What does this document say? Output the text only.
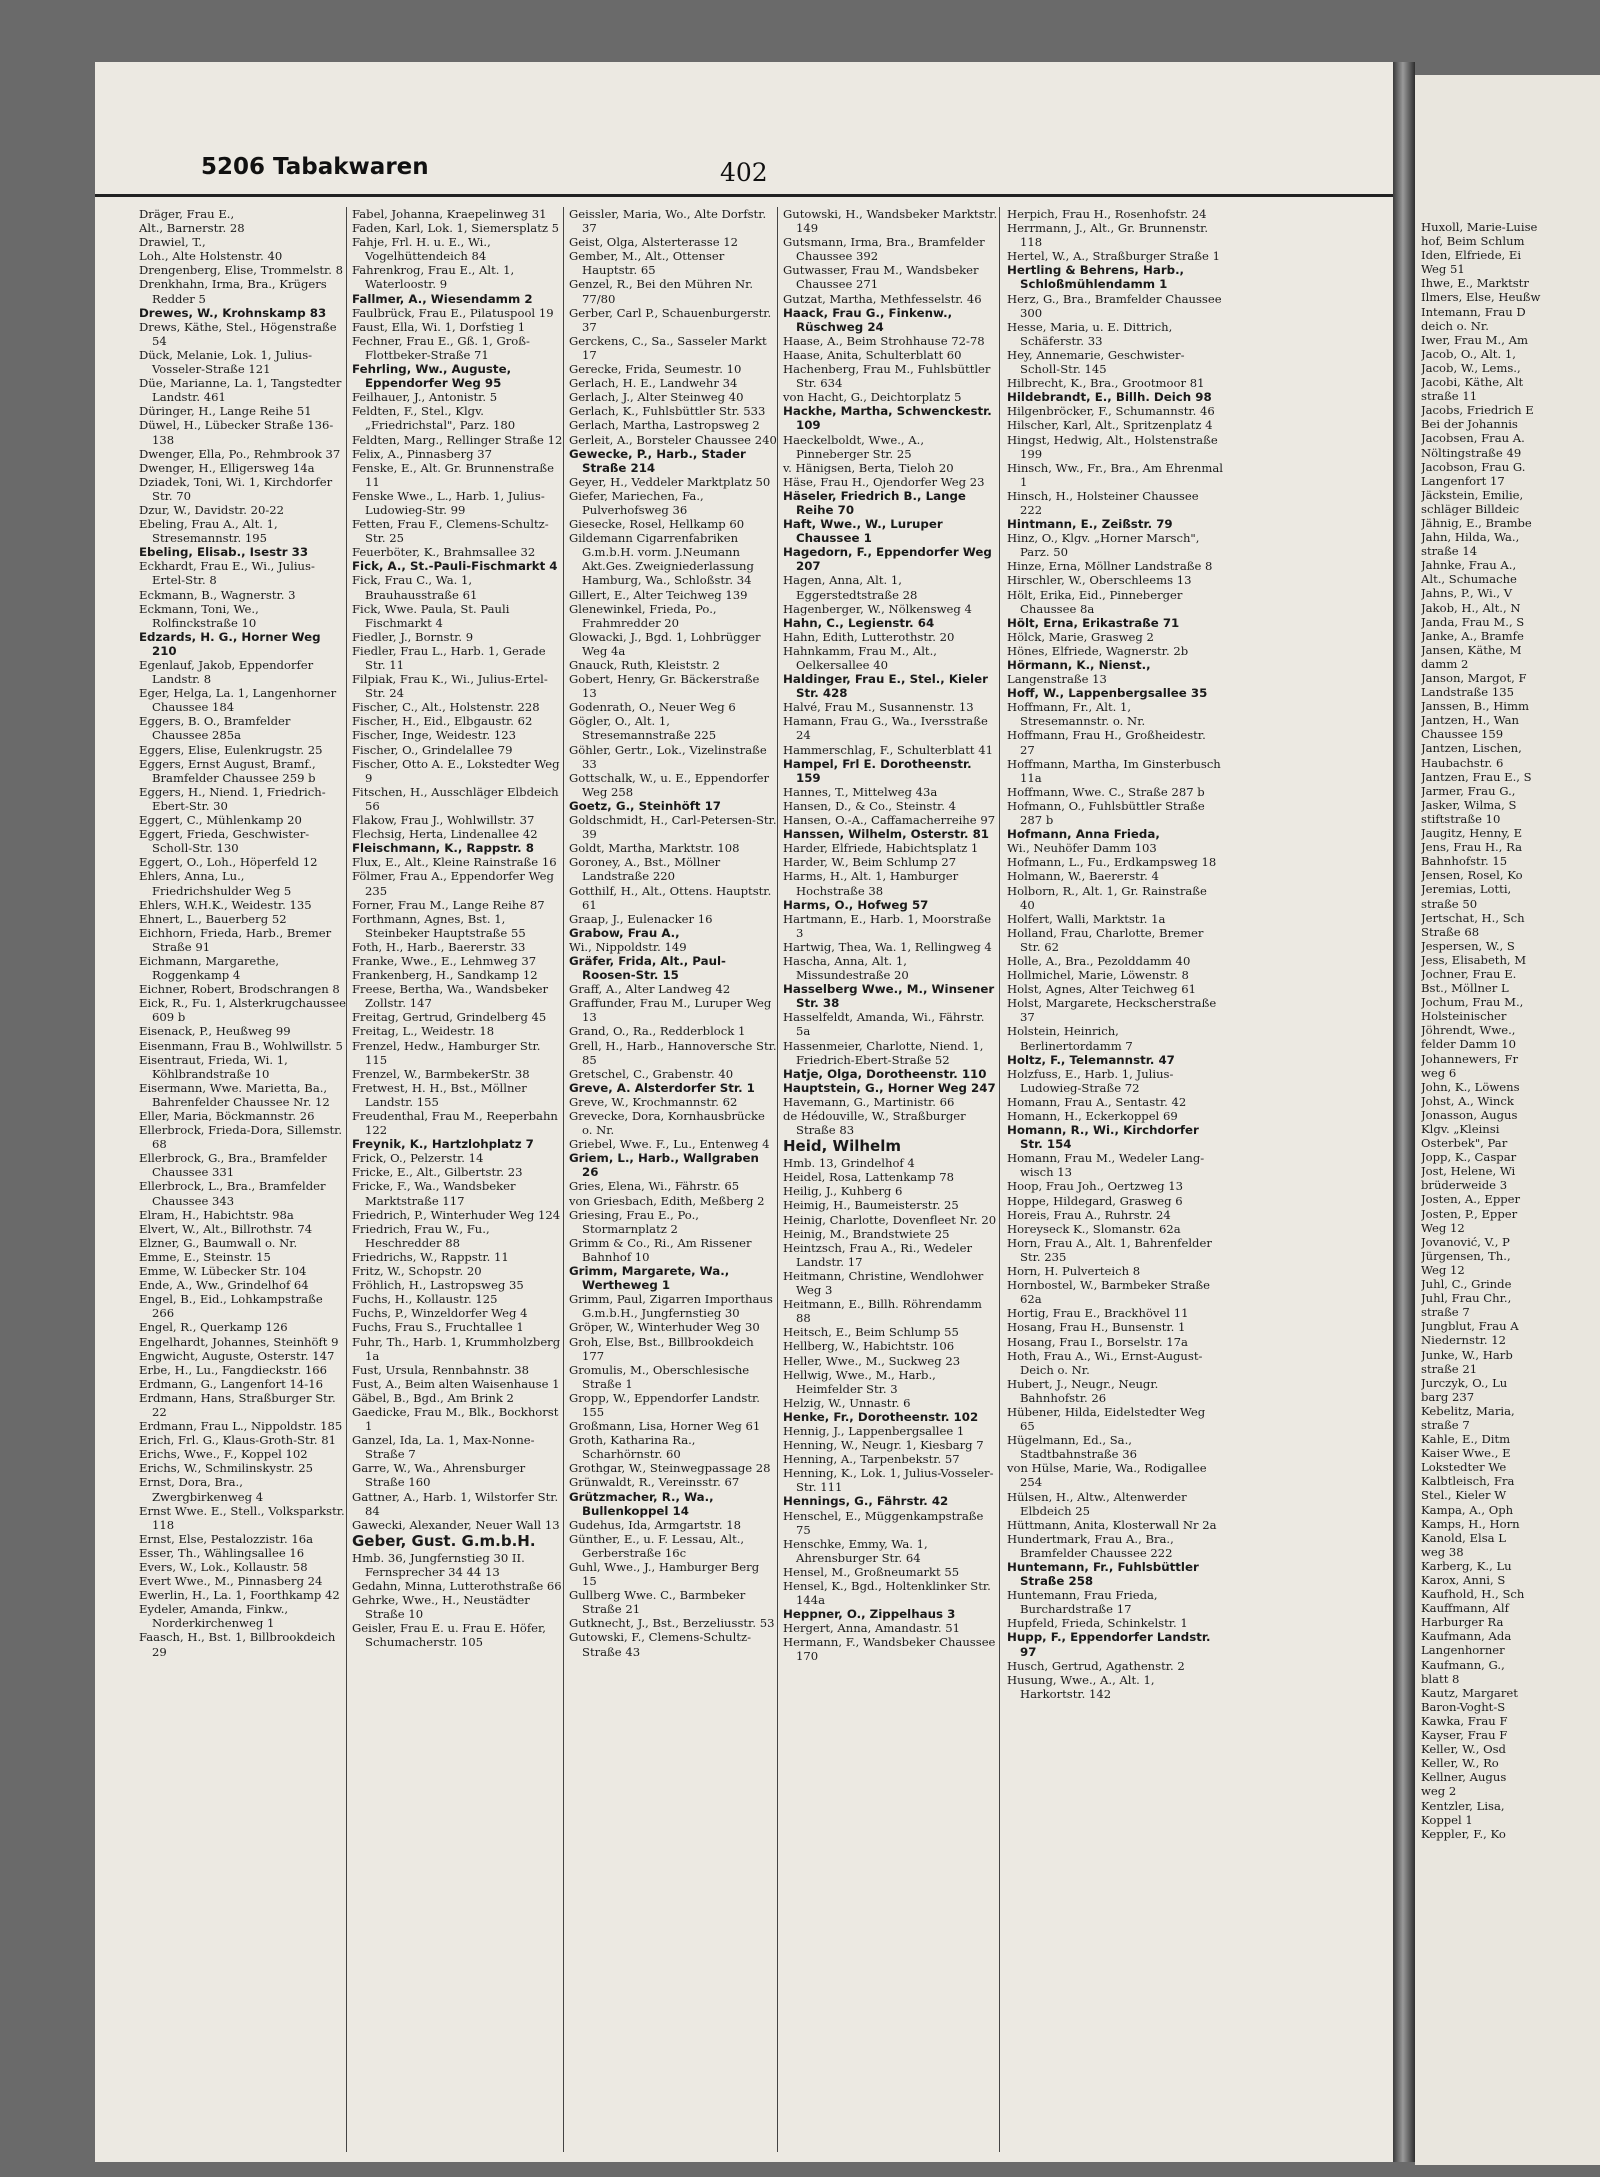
5206 Tabakwaren	402

Dräger, Frau E.,

Alt., Barnerstr. 28

Drawiel, T.,

Loh., Alte Holstenstr. 40

Drengenberg, Elise, Trommelstr. 8

Drenkhahn, Irma, Bra., Krügers Redder 5

Drewes, W., Krohnskamp 83

Drews, Käthe, Stel., Högenstraße 54

Dück, Melanie, Lok. 1, Julius-Vosseler-Straße 121

Düe, Marianne, La. 1, Tangstedter Landstr. 461

Düringer, H., Lange Reihe 51

Düwel, H., Lübecker Straße 136-138

Dwenger, Ella, Po., Rehmbrook 37

Dwenger, H., Elligersweg 14a

Dziadek, Toni, Wi. 1, Kirchdorfer Str. 70

Dzur, W., Davidstr. 20-22

Ebeling, Frau A., Alt. 1, Stresemannstr. 195

Ebeling, Elisab., Isestr 33

Eckhardt, Frau E., Wi., Julius-Ertel-Str. 8

Eckmann, B., Wagnerstr. 3

Eckmann, Toni, We., Rolfinckstraße 10

Edzards, H. G., Horner Weg 210

Egenlauf, Jakob, Eppendorfer Landstr. 8

Eger, Helga, La. 1, Langenhorner Chaussee 184

Eggers, B. O., Bramfelder Chaussee 285a

Eggers, Elise, Eulenkrugstr. 25

Eggers, Ernst August, Bramf., Bramfelder Chaussee 259 b

Eggers, H., Niend. 1, Friedrich-Ebert-Str. 30

Eggert, C., Mühlenkamp 20

Eggert, Frieda, Geschwister-Scholl-Str. 130

Eggert, O., Loh., Höperfeld 12

Ehlers, Anna, Lu., Friedrichshulder Weg 5

Ehlers, W.H.K., Weidestr. 135

Ehnert, L., Bauerberg 52

Eichhorn, Frieda, Harb., Bremer Straße 91

Eichmann, Margarethe, Roggenkamp 4

Eichner, Robert, Brodschrangen 8

Eick, R., Fu. 1, Alsterkrugchaussee 609 b

Eisenack, P., Heußweg 99

Eisenmann, Frau B., Wohlwillstr. 5

Eisentraut, Frieda, Wi. 1, Köhlbrandstraße 10

Eisermann, Wwe. Marietta, Ba., Bahrenfelder Chaussee Nr. 12

Eller, Maria, Böckmannstr. 26

Ellerbrock, Frieda-Dora, Sillemstr. 68

Ellerbrock, G., Bra., Bramfelder Chaussee 331

Ellerbrock, L., Bra., Bramfelder Chaussee 343

Elram, H., Habichtstr. 98a

Elvert, W., Alt., Billrothstr. 74

Elzner, G., Baumwall o. Nr.

Emme, E., Steinstr. 15

Emme, W. Lübecker Str. 104

Ende, A., Ww., Grindelhof 64

Engel, B., Eid., Lohkampstraße 266

Engel, R., Querkamp 126

Engelhardt, Johannes, Steinhöft 9

Engwicht, Auguste, Osterstr. 147

Erbe, H., Lu., Fangdieckstr. 166

Erdmann, G., Langenfort 14-16

Erdmann, Hans, Straßburger Str. 22

Erdmann, Frau L., Nippoldstr. 185

Erich, Frl. G., Klaus-Groth-Str. 81

Erichs, Wwe., F., Koppel 102

Erichs, W., Schmilinskystr. 25

Ernst, Dora, Bra., Zwergbirkenweg 4

Ernst Wwe. E., Stell., Volksparkstr. 118

Ernst, Else, Pestalozzistr. 16a

Esser, Th., Wählingsallee 16

Evers, W., Lok., Kollaustr. 58

Evert Wwe., M., Pinnasberg 24

Ewerlin, H., La. 1, Foorthkamp 42

Eydeler, Amanda, Finkw., Norderkirchenweg 1

Faasch, H., Bst. 1, Billbrookdeich 29

Fabel, Johanna, Kraepelinweg 31

Faden, Karl, Lok. 1, Siemersplatz 5

Fahje, Frl. H. u. E., Wi., Vogelhüttendeich 84

Fahrenkrog, Frau E., Alt. 1, Waterloostr. 9

Fallmer, A., Wiesendamm 2

Faulbrück, Frau E., Pilatuspool 19

Faust, Ella, Wi. 1, Dorfstieg 1

Fechner, Frau E., Gß. 1, Groß-Flottbeker-Straße 71

Fehrling, Ww., Auguste, Eppendorfer Weg 95

Feilhauer, J., Antonistr. 5

Feldten, F., Stel., Klgv. „Friedrichstal", Parz. 180

Feldten, Marg., Rellinger Straße 12

Felix, A., Pinnasberg 37

Fenske, E., Alt. Gr. Brunnenstraße 11

Fenske Wwe., L., Harb. 1, Julius-Ludowieg-Str. 99

Fetten, Frau F., Clemens-Schultz-Str. 25

Feuerböter, K., Brahmsallee 32

Fick, A., St.-Pauli-Fischmarkt 4

Fick, Frau C., Wa. 1, Brauhausstraße 61

Fick, Wwe. Paula, St. Pauli Fischmarkt 4

Fiedler, J., Bornstr. 9

Fiedler, Frau L., Harb. 1, Gerade Str. 11

Filpiak, Frau K., Wi., Julius-Ertel-Str. 24

Fischer, C., Alt., Holstenstr. 228

Fischer, H., Eid., Elbgaustr. 62

Fischer, Inge, Weidestr. 123

Fischer, O., Grindelallee 79

Fischer, Otto A. E., Lokstedter Weg 9

Fitschen, H., Ausschläger Elbdeich 56

Flakow, Frau J., Wohlwillstr. 37

Flechsig, Herta, Lindenallee 42

Fleischmann, K., Rappstr. 8

Flux, E., Alt., Kleine Rainstraße 16

Fölmer, Frau A., Eppendorfer Weg 235

Forner, Frau M., Lange Reihe 87

Forthmann, Agnes, Bst. 1, Steinbeker Hauptstraße 55

Foth, H., Harb., Baererstr. 33

Franke, Wwe., E., Lehmweg 37

Frankenberg, H., Sandkamp 12

Freese, Bertha, Wa., Wandsbeker Zollstr. 147

Freitag, Gertrud, Grindelberg 45

Freitag, L., Weidestr. 18

Frenzel, Hedw., Hamburger Str. 115

Frenzel, W., BarmbekerStr. 38

Fretwest, H. H., Bst., Möllner Landstr. 155

Freudenthal, Frau M., Reeperbahn 122

Freynik, K., Hartzlohplatz 7

Frick, O., Pelzerstr. 14

Fricke, E., Alt., Gilbertstr. 23

Fricke, F., Wa., Wandsbeker Marktstraße 117

Friedrich, P., Winterhuder Weg 124

Friedrich, Frau W., Fu., Heschredder 88

Friedrichs, W., Rappstr. 11

Fritz, W., Schopstr. 20

Fröhlich, H., Lastropsweg 35

Fuchs, H., Kollaustr. 125

Fuchs, P., Winzeldorfer Weg 4

Fuchs, Frau S., Fruchtallee 1

Fuhr, Th., Harb. 1, Krummholzberg 1a

Fust, Ursula, Rennbahnstr. 38

Fust, A., Beim alten Waisenhause 1

Gäbel, B., Bgd., Am Brink 2

Gaedicke, Frau M., Blk., Bockhorst 1

Ganzel, Ida, La. 1, Max-Nonne-Straße 7

Garre, W., Wa., Ahrensburger Straße 160

Gattner, A., Harb. 1, Wilstorfer Str. 84

Gawecki, Alexander, Neuer Wall 13

Geber, Gust. G.m.b.H.

Hmb. 36, Jungfernstieg 30 II. Fernsprecher 34 44 13

Gedahn, Minna, Lutterothstraße 66

Gehrke, Wwe., H., Neustädter Straße 10

Geisler, Frau E. u. Frau E. Höfer, Schumacherstr. 105

Geissler, Maria, Wo., Alte Dorfstr. 37

Geist, Olga, Alsterterasse 12

Gember, M., Alt., Ottenser Hauptstr. 65

Genzel, R., Bei den Mühren Nr. 77/80

Gerber, Carl P., Schauenburgerstr. 37

Gerckens, C., Sa., Sasseler Markt 17

Gerecke, Frida, Seumestr. 10

Gerlach, H. E., Landwehr 34

Gerlach, J., Alter Steinweg 40

Gerlach, K., Fuhlsbüttler Str. 533

Gerlach, Martha, Lastropsweg 2

Gerleit, A., Borsteler Chaussee 240

Gewecke, P., Harb., Stader Straße 214

Geyer, H., Veddeler Marktplatz 50

Giefer, Mariechen, Fa., Pulverhofsweg 36

Giesecke, Rosel, Hellkamp 60

Gildemann Cigarrenfabriken G.m.b.H. vorm. J.Neumann Akt.Ges. Zweigniederlassung Hamburg, Wa., Schloßstr. 34

Gillert, E., Alter Teichweg 139

Glenewinkel, Frieda, Po., Frahmredder 20

Glowacki, J., Bgd. 1, Lohbrügger Weg 4a

Gnauck, Ruth, Kleiststr. 2

Gobert, Henry, Gr. Bäckerstraße 13

Godenrath, O., Neuer Weg 6

Gögler, O., Alt. 1, Stresemannstraße 225

Göhler, Gertr., Lok., Vizelinstraße 33

Gottschalk, W., u. E., Eppendorfer Weg 258

Goetz, G., Steinhöft 17

Goldschmidt, H., Carl-Petersen-Str. 39

Goldt, Martha, Marktstr. 108

Goroney, A., Bst., Möllner Landstraße 220

Gotthilf, H., Alt., Ottens. Hauptstr. 61

Graap, J., Eulenacker 16

Grabow, Frau A.,

Wi., Nippoldstr. 149

Gräfer, Frida, Alt., Paul-Roosen-Str. 15

Graff, A., Alter Landweg 42

Graffunder, Frau M., Luruper Weg 13

Grand, O., Ra., Redderblock 1

Grell, H., Harb., Hannoversche Str. 85

Gretschel, C., Grabenstr. 40

Greve, A. Alsterdorfer Str. 1

Greve, W., Krochmannstr. 62

Grevecke, Dora, Kornhausbrücke o. Nr.

Griebel, Wwe. F., Lu., Entenweg 4

Griem, L., Harb., Wallgraben 26

Gries, Elena, Wi., Fährstr. 65

von Griesbach, Edith, Meßberg 2

Griesing, Frau E., Po., Stormarnplatz 2

Grimm & Co., Ri., Am Rissener Bahnhof 10

Grimm, Margarete, Wa., Wertheweg 1

Grimm, Paul, Zigarren Importhaus G.m.b.H., Jungfernstieg 30

Gröper, W., Winterhuder Weg 30

Groh, Else, Bst., Billbrookdeich 177

Gromulis, M., Oberschlesische Straße 1

Gropp, W., Eppendorfer Landstr. 155

Großmann, Lisa, Horner Weg 61

Groth, Katharina Ra., Scharhörnstr. 60

Grothgar, W., Steinwegpassage 28

Grünwaldt, R., Vereinsstr. 67

Grützmacher, R., Wa., Bullenkoppel 14

Gudehus, Ida, Armgartstr. 18

Günther, E., u. F. Lessau, Alt., Gerberstraße 16c

Guhl, Wwe., J., Hamburger Berg 15

Gullberg Wwe. C., Barmbeker Straße 21

Gutknecht, J., Bst., Berzeliusstr. 53

Gutowski, F., Clemens-Schultz-Straße 43

Gutowski, H., Wandsbeker Marktstr. 149

Gutsmann, Irma, Bra., Bramfelder Chaussee 392

Gutwasser, Frau M., Wandsbeker Chaussee 271

Gutzat, Martha, Methfesselstr. 46

Haack, Frau G., Finkenw., Rüschweg 24

Haase, A., Beim Strohhause 72-78

Haase, Anita, Schulterblatt 60

Hachenberg, Frau M., Fuhlsbüttler Str. 634

von Hacht, G., Deichtorplatz 5

Hackhe, Martha, Schwenckestr. 109

Haeckelboldt, Wwe., A., Pinneberger Str. 25

v. Hänigsen, Berta, Tieloh 20

Häse, Frau H., Ojendorfer Weg 23

Häseler, Friedrich B., Lange Reihe 70

Haft, Wwe., W., Luruper Chaussee 1

Hagedorn, F., Eppendorfer Weg 207

Hagen, Anna, Alt. 1, Eggerstedtstraße 28

Hagenberger, W., Nölkensweg 4

Hahn, C., Legienstr. 64

Hahn, Edith, Lutterothstr. 20

Hahnkamm, Frau M., Alt., Oelkersallee 40

Haldinger, Frau E., Stel., Kieler Str. 428

Halvé, Frau M., Susannenstr. 13

Hamann, Frau G., Wa., Iversstraße 24

Hammerschlag, F., Schulterblatt 41

Hampel, Frl E. Dorotheenstr. 159

Hannes, T., Mittelweg 43a

Hansen, D., & Co., Steinstr. 4

Hansen, O.-A., Caffamacherreihe 97

Hanssen, Wilhelm, Osterstr. 81

Harder, Elfriede, Habichtsplatz 1

Harder, W., Beim Schlump 27

Harms, H., Alt. 1, Hamburger Hochstraße 38

Harms, O., Hofweg 57

Hartmann, E., Harb. 1, Moorstraße 3

Hartwig, Thea, Wa. 1, Rellingweg 4

Hascha, Anna, Alt. 1, Missundestraße 20

Hasselberg Wwe., M., Winsener Str. 38

Hasselfeldt, Amanda, Wi., Fährstr. 5a

Hassenmeier, Charlotte, Niend. 1, Friedrich-Ebert-Straße 52

Hatje, Olga, Dorotheenstr. 110

Hauptstein, G., Horner Weg 247

Havemann, G., Martinistr. 66

de Hédouville, W., Straßburger Straße 83

Heid, Wilhelm

Hmb. 13, Grindelhof 4

Heidel, Rosa, Lattenkamp 78

Heilig, J., Kuhberg 6

Heimig, H., Baumeisterstr. 25

Heinig, Charlotte, Dovenfleet Nr. 20

Heinig, M., Brandstwiete 25

Heintzsch, Frau A., Ri., Wedeler Landstr. 17

Heitmann, Christine, Wendlohwer Weg 3

Heitmann, E., Billh. Röhrendamm 88

Heitsch, E., Beim Schlump 55

Hellberg, W., Habichtstr. 106

Heller, Wwe., M., Suckweg 23

Hellwig, Wwe., M., Harb., Heimfelder Str. 3

Helzig, W., Unnastr. 6

Henke, Fr., Dorotheenstr. 102

Hennig, J., Lappenbergsallee 1

Henning, W., Neugr. 1, Kiesbarg 7

Henning, A., Tarpenbekstr. 57

Henning, K., Lok. 1, Julius-Vosseler-Str. 111

Hennings, G., Fährstr. 42

Henschel, E., Müggenkampstraße 75

Henschke, Emmy, Wa. 1, Ahrensburger Str. 64

Hensel, M., Großneumarkt 55

Hensel, K., Bgd., Holtenklinker Str. 144a

Heppner, O., Zippelhaus 3

Hergert, Anna, Amandastr. 51

Hermann, F., Wandsbeker Chaussee 170

Herpich, Frau H., Rosenhofstr. 24

Herrmann, J., Alt., Gr. Brunnenstr. 118

Hertel, W., A., Straßburger Straße 1

Hertling & Behrens, Harb., Schloßmühlendamm 1

Herz, G., Bra., Bramfelder Chaussee 300

Hesse, Maria, u. E. Dittrich, Schäferstr. 33

Hey, Annemarie, Geschwister-Scholl-Str. 145

Hilbrecht, K., Bra., Grootmoor 81

Hildebrandt, E., Billh. Deich 98

Hilgenbröcker, F., Schumannstr. 46

Hilscher, Karl, Alt., Spritzenplatz 4

Hingst, Hedwig, Alt., Holstenstraße 199

Hinsch, Ww., Fr., Bra., Am Ehrenmal 1

Hinsch, H., Holsteiner Chaussee 222

Hintmann, E., Zeißstr. 79

Hinz, O., Klgv. „Horner Marsch", Parz. 50

Hinze, Erna, Möllner Landstraße 8

Hirschler, W., Oberschleems 13

Hölt, Erika, Eid., Pinneberger Chaussee 8a

Hölt, Erna, Erikastraße 71

Hölck, Marie, Grasweg 2

Hönes, Elfriede, Wagnerstr. 2b

Hörmann, K., Nienst.,

Langenstraße 13

Hoff, W., Lappenbergsallee 35

Hoffmann, Fr., Alt. 1, Stresemannstr. o. Nr.

Hoffmann, Frau H., Großheidestr. 27

Hoffmann, Martha, Im Ginsterbusch 11a

Hoffmann, Wwe. C., Straße 287 b

Hofmann, O., Fuhlsbüttler Straße 287 b

Hofmann, Anna Frieda,

Wi., Neuhöfer Damm 103

Hofmann, L., Fu., Erdkampsweg 18

Holmann, W., Baererstr. 4

Holborn, R., Alt. 1, Gr. Rainstraße 40

Holfert, Walli, Marktstr. 1a

Holland, Frau, Charlotte, Bremer Str. 62

Holle, A., Bra., Pezolddamm 40

Hollmichel, Marie, Löwenstr. 8

Holst, Agnes, Alter Teichweg 61

Holst, Margarete, Heckscherstraße 37

Holstein, Heinrich, Berlinertordamm 7

Holtz, F., Telemannstr. 47

Holzfuss, E., Harb. 1, Julius-Ludowieg-Straße 72

Homann, Frau A., Sentastr. 42

Homann, H., Eckerkoppel 69

Homann, R., Wi., Kirchdorfer Str. 154

Homann, Frau M., Wedeler Lang-wisch 13

Hoop, Frau Joh., Oertzweg 13

Hoppe, Hildegard, Grasweg 6

Horeis, Frau A., Ruhrstr. 24

Horeyseck K., Slomanstr. 62a

Horn, Frau A., Alt. 1, Bahrenfelder Str. 235

Horn, H. Pulverteich 8

Hornbostel, W., Barmbeker Straße 62a

Hortig, Frau E., Brackhövel 11

Hosang, Frau H., Bunsenstr. 1

Hosang, Frau I., Borselstr. 17a

Hoth, Frau A., Wi., Ernst-August-Deich o. Nr.

Hubert, J., Neugr., Neugr. Bahnhofstr. 26

Hübener, Hilda, Eidelstedter Weg 65

Hügelmann, Ed., Sa., Stadtbahnstraße 36

von Hülse, Marie, Wa., Rodigallee 254

Hülsen, H., Altw., Altenwerder Elbdeich 25

Hüttmann, Anita, Klosterwall Nr 2a

Hundertmark, Frau A., Bra., Bramfelder Chaussee 222

Huntemann, Fr., Fuhlsbüttler Straße 258

Huntemann, Frau Frieda, Burchardstraße 17

Hupfeld, Frieda, Schinkelstr. 1

Hupp, F., Eppendorfer Landstr. 97

Husch, Gertrud, Agathenstr. 2

Husung, Wwe., A., Alt. 1, Harkortstr. 142

Huxoll, Marie-Luise

hof, Beim Schlum

Iden, Elfriede, Ei

Weg 51

Ihwe, E., Marktstr

Ilmers, Else, Heußw

Intemann, Frau D

deich o. Nr.

Iwer, Frau M., Am

Jacob, O., Alt. 1,

Jacob, W., Lems.,

Jacobi, Käthe, Alt

straße 11

Jacobs, Friedrich E

Bei der Johannis

Jacobsen, Frau A.

Nöltingstraße 49

Jacobson, Frau G.

Langenfort 17

Jäckstein, Emilie,

schläger Billdeic

Jähnig, E., Brambe

Jahn, Hilda, Wa.,

straße 14

Jahnke, Frau A.,

Alt., Schumache

Jahns, P., Wi., V

Jakob, H., Alt., N

Janda, Frau M., S

Janke, A., Bramfe

Jansen, Käthe, M

damm 2

Janson, Margot, F

Landstraße 135

Janssen, B., Himm

Jantzen, H., Wan

Chaussee 159

Jantzen, Lischen,

Haubachstr. 6

Jantzen, Frau E., S

Jarmer, Frau G.,

Jasker, Wilma, S

stiftstraße 10

Jaugitz, Henny, E

Jens, Frau H., Ra

Bahnhofstr. 15

Jensen, Rosel, Ko

Jeremias, Lotti,

straße 50

Jertschat, H., Sch

Straße 68

Jespersen, W., S

Jess, Elisabeth, M

Jochner, Frau E.

Bst., Möllner L

Jochum, Frau M.,

Holsteinischer

Jöhrendt, Wwe.,

felder Damm 10

Johannewers, Fr

weg 6

John, K., Löwens

Johst, A., Winck

Jonasson, Augus

Klgv. „Kleinsi

Osterbek", Par

Jopp, K., Caspar

Jost, Helene, Wi

brüderweide 3

Josten, A., Epper

Josten, P., Epper

Weg 12

Jovanović, V., P

Jürgensen, Th.,

Weg 12

Juhl, C., Grinde

Juhl, Frau Chr.,

straße 7

Jungblut, Frau A

Niedernstr. 12

Junke, W., Harb

straße 21

Jurczyk, O., Lu

barg 237

Kebelitz, Maria,

straße 7

Kahle, E., Ditm

Kaiser Wwe., E

Lokstedter We

Kalbtleisch, Fra

Stel., Kieler W

Kampa, A., Oph

Kamps, H., Horn

Kanold, Elsa L

weg 38

Karberg, K., Lu

Karox, Anni, S

Kaufhold, H., Sch

Kauffmann, Alf

Harburger Ra

Kaufmann, Ada

Langenhorner

Kaufmann, G.,

blatt 8

Kautz, Margaret

Baron-Voght-S

Kawka, Frau F

Kayser, Frau F

Keller, W., Osd

Keller, W., Ro

Kellner, Augus

weg 2

Kentzler, Lisa,

Koppel 1

Keppler, F., Ko
